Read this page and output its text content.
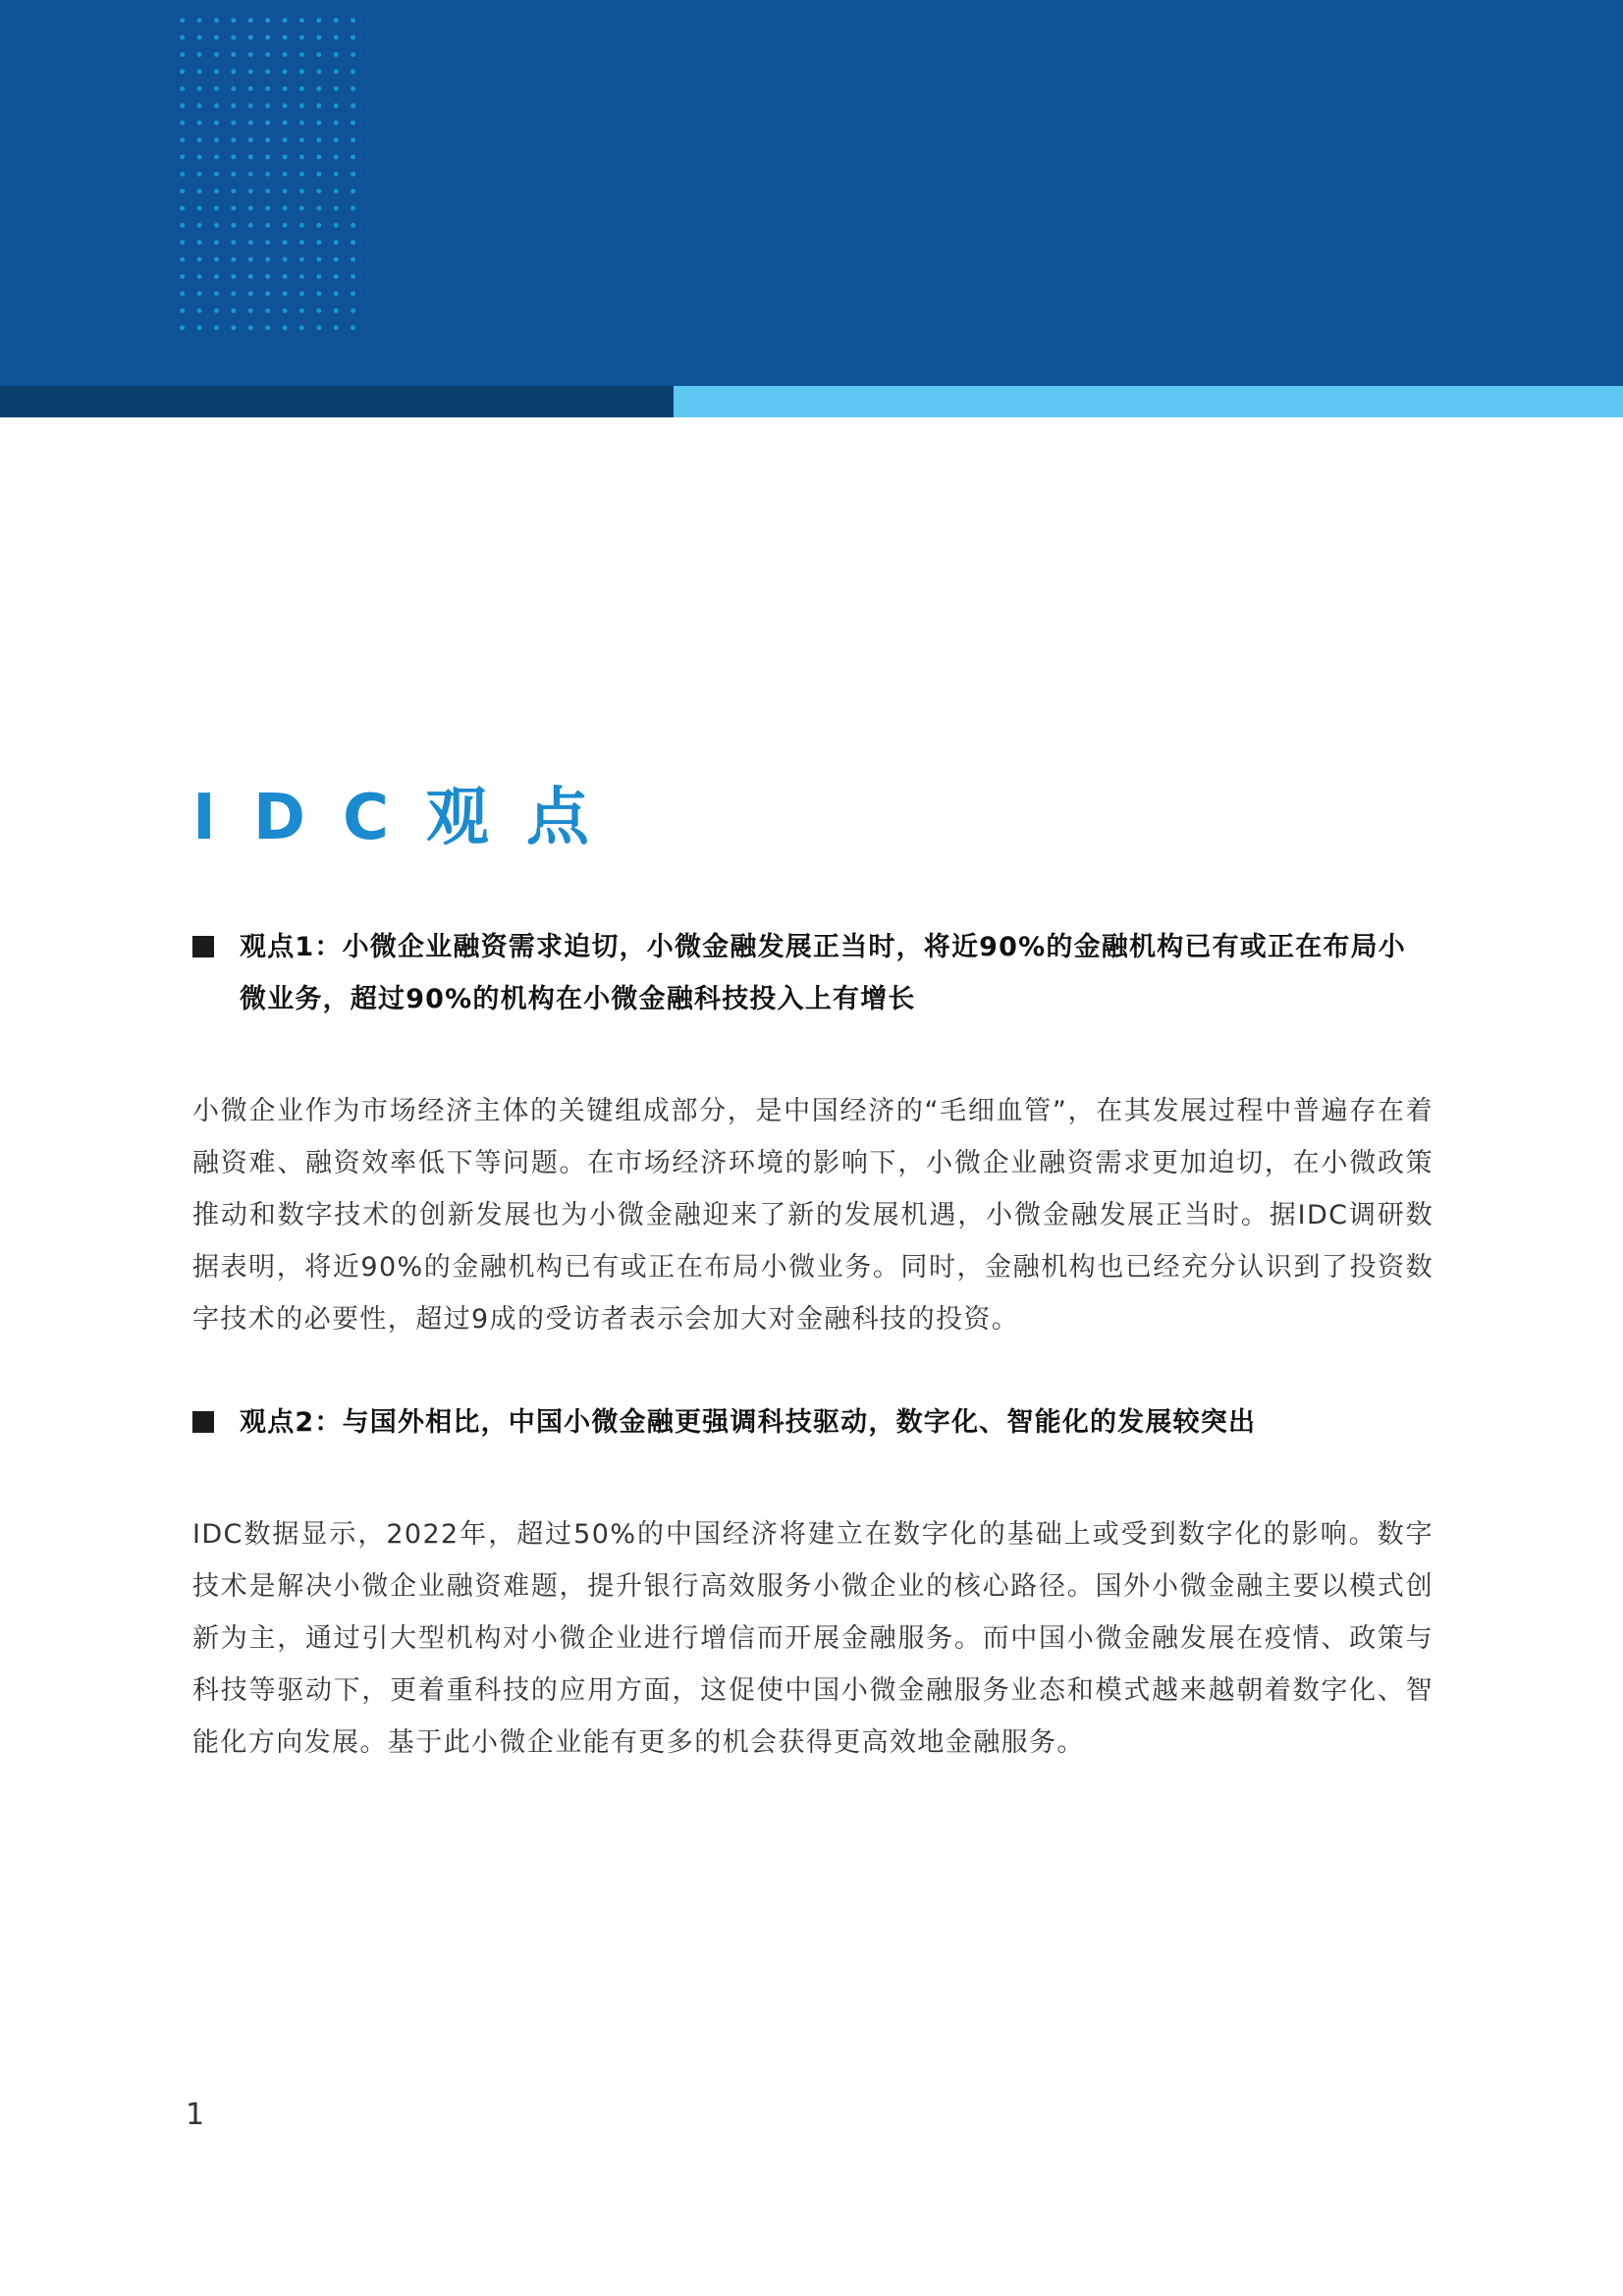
IDC观点
观点1：小微企业融资需求迫切，小微金融发展正当时，将近90%的金融机构已有或正在布局小微业务，超过90%的机构在小微金融科技投入上有增长
小微企业作为市场经济主体的关键组成部分，是中国经济的“毛细血管”，在其发展过程中普遍存在着融资难、融资效率低下等问题。在市场经济环境的影响下，小微企业融资需求更加迫切，在小微政策推动和数字技术的创新发展也为小微金融迎来了新的发展机遇，小微金融发展正当时。据IDC调研数据表明，将近90%的金融机构已有或正在布局小微业务。同时，金融机构也已经充分认识到了投资数字技术的必要性，超过9成的受访者表示会加大对金融科技的投资。
观点2：与国外相比，中国小微金融更强调科技驱动，数字化、智能化的发展较突出
IDC数据显示，2022年，超过50%的中国经济将建立在数字化的基础上或受到数字化的影响。数字技术是解决小微企业融资难题，提升银行高效服务小微企业的核心路径。国外小微金融主要以模式创新为主，通过引大型机构对小微企业进行增信而开展金融服务。而中国小微金融发展在疫情、政策与科技等驱动下，更着重科技的应用方面，这促使中国小微金融服务业态和模式越来越朝着数字化、智能化方向发展。基于此小微企业能有更多的机会获得更高效地金融服务。
1
